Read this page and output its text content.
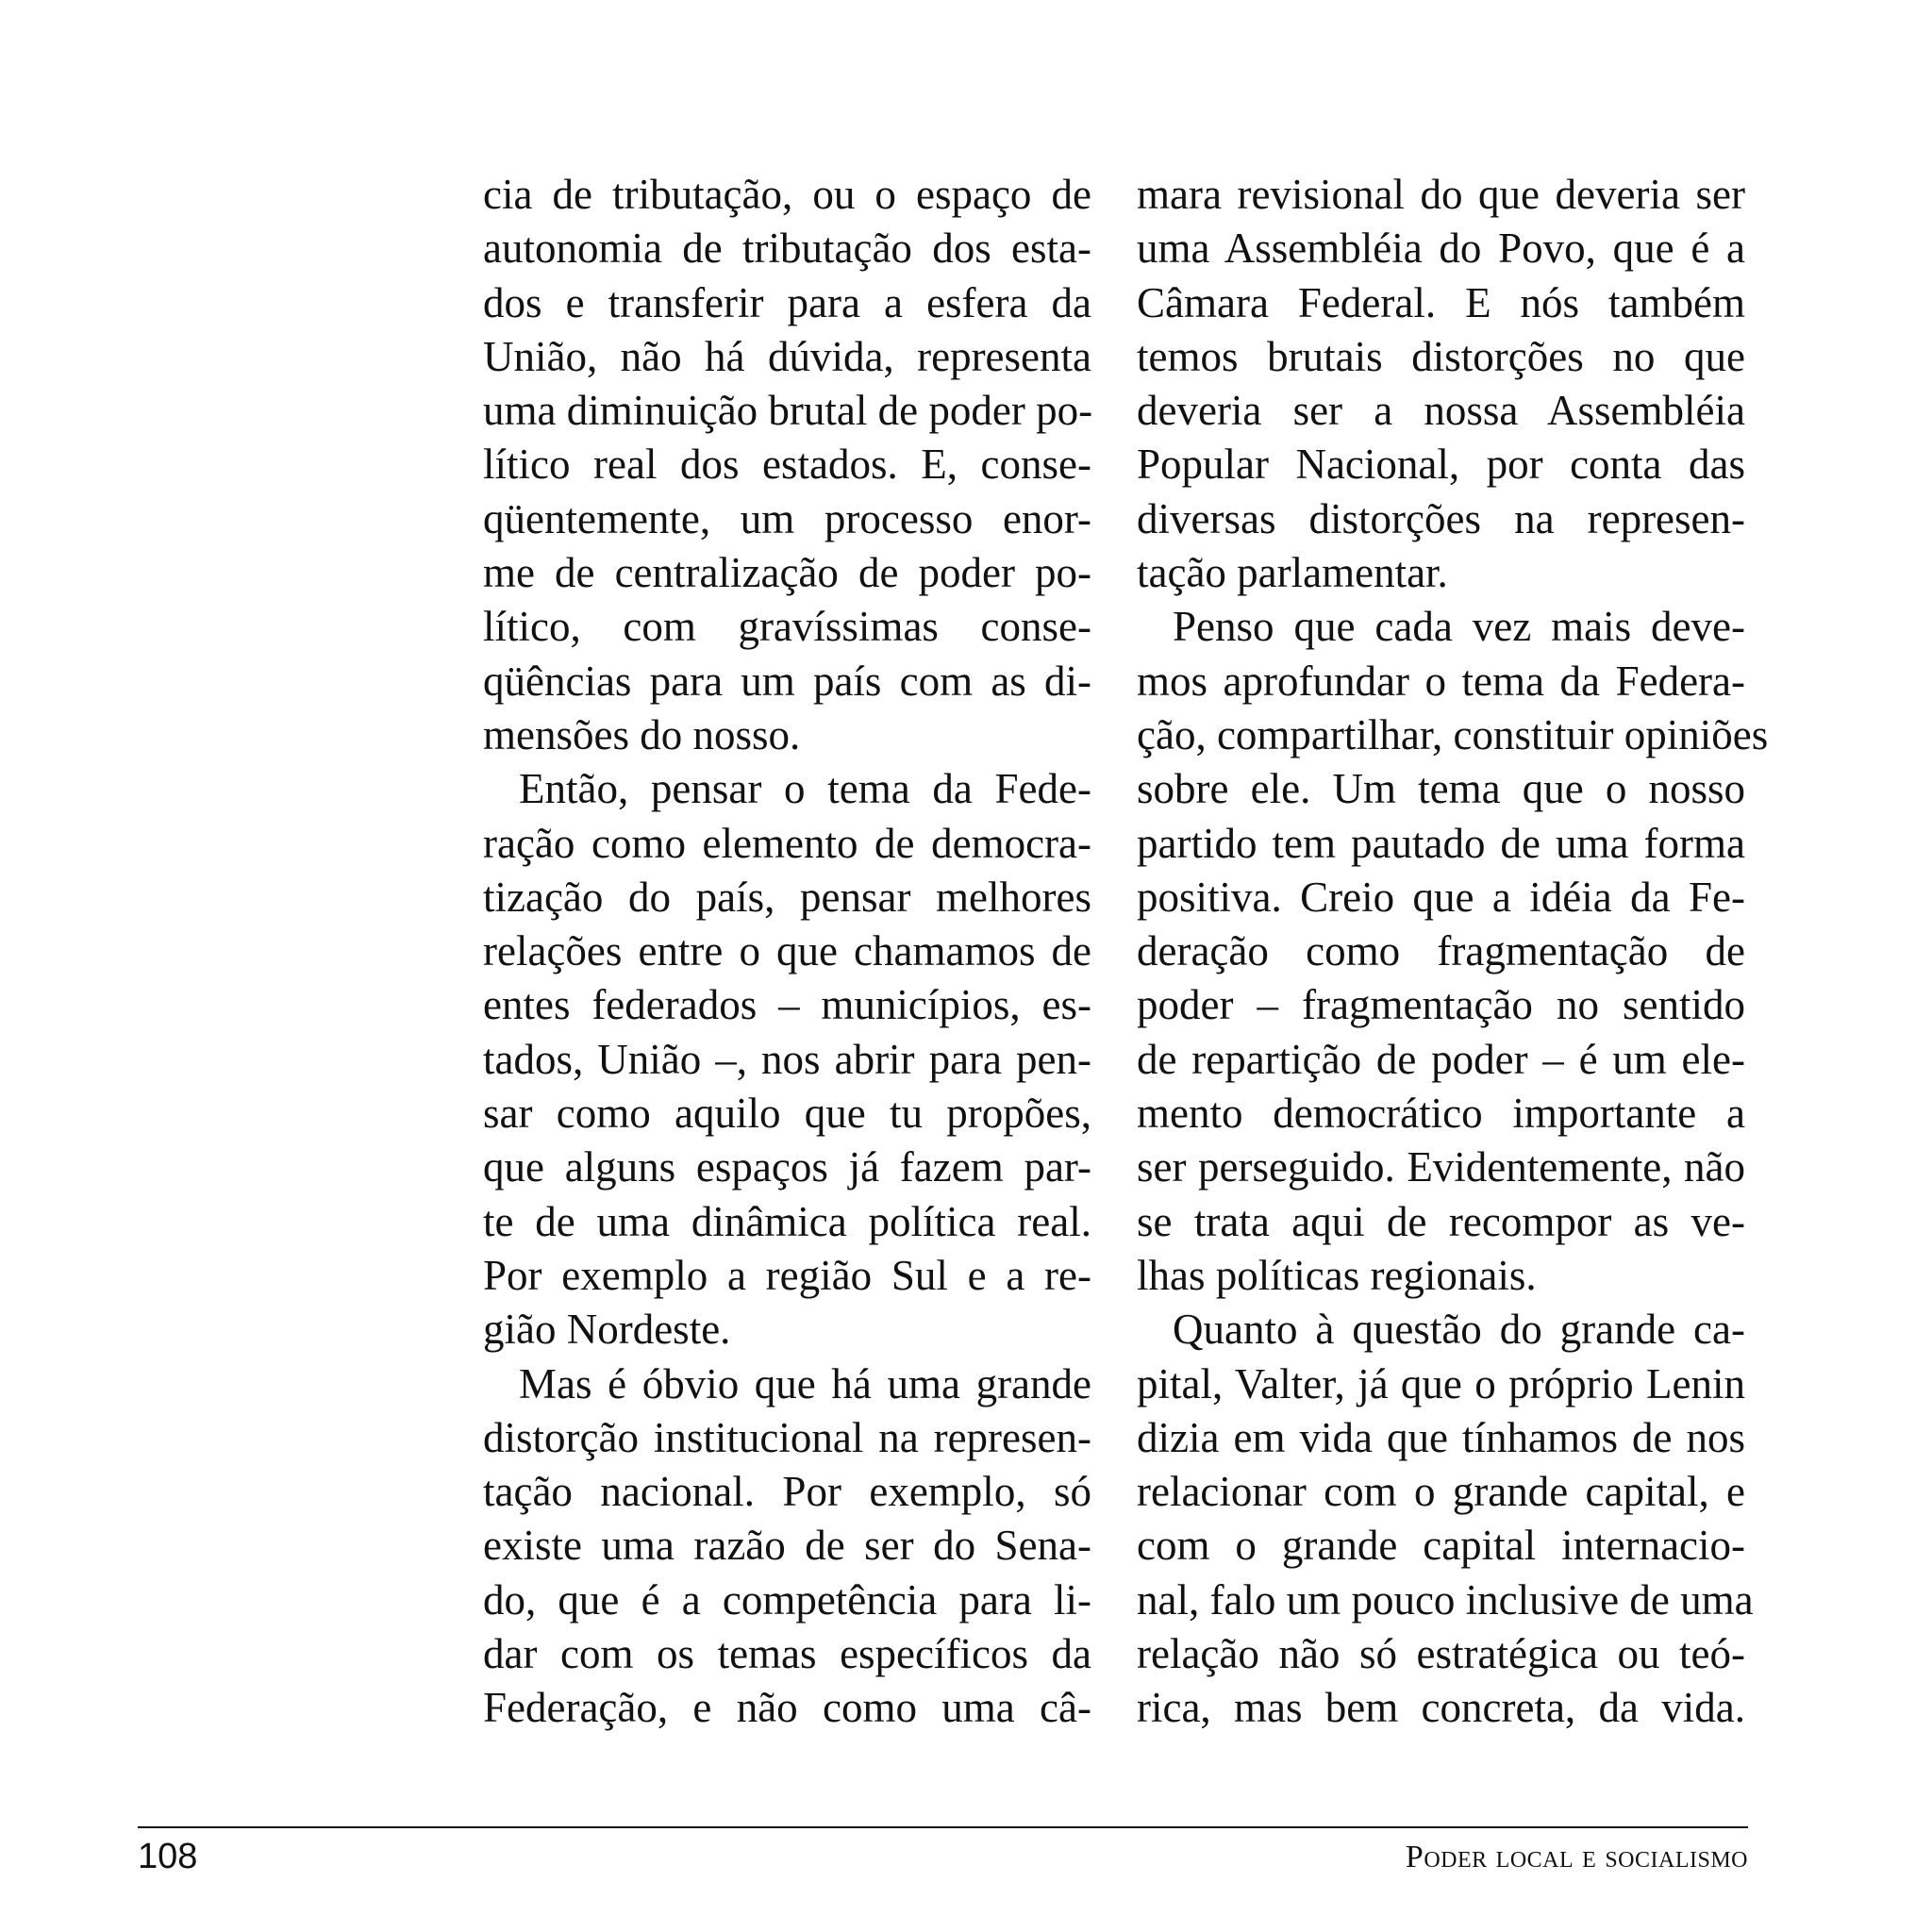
cia de tributação, ou o espaço de
autonomia de tributação dos esta-
dos e transferir para a esfera da
União, não há dúvida, representa
uma diminuição brutal de poder po-
lítico real dos estados. E, conse-
qüentemente, um processo enor-
me de centralização de poder po-
lítico, com gravíssimas conse-
qüências para um país com as di-
mensões do nosso.
Então, pensar o tema da Fede-
ração como elemento de democra-
tização do país, pensar melhores
relações entre o que chamamos de
entes federados – municípios, es-
tados, União –, nos abrir para pen-
sar como aquilo que tu propões,
que alguns espaços já fazem par-
te de uma dinâmica política real.
Por exemplo a região Sul e a re-
gião Nordeste.
Mas é óbvio que há uma grande
distorção institucional na represen-
tação nacional. Por exemplo, só
existe uma razão de ser do Sena-
do, que é a competência para li-
dar com os temas específicos da
Federação, e não como uma câ-
mara revisional do que deveria ser
uma Assembléia do Povo, que é a
Câmara Federal. E nós também
temos brutais distorções no que
deveria ser a nossa Assembléia
Popular Nacional, por conta das
diversas distorções na represen-
tação parlamentar.
Penso que cada vez mais deve-
mos aprofundar o tema da Federa-
ção, compartilhar, constituir opiniões
sobre ele. Um tema que o nosso
partido tem pautado de uma forma
positiva. Creio que a idéia da Fe-
deração como fragmentação de
poder – fragmentação no sentido
de repartição de poder – é um ele-
mento democrático importante a
ser perseguido. Evidentemente, não
se trata aqui de recompor as ve-
lhas políticas regionais.
Quanto à questão do grande ca-
pital, Valter, já que o próprio Lenin
dizia em vida que tínhamos de nos
relacionar com o grande capital, e
com o grande capital internacio-
nal, falo um pouco inclusive de uma
relação não só estratégica ou teó-
rica, mas bem concreta, da vida.
108	Poder local e socialismo
